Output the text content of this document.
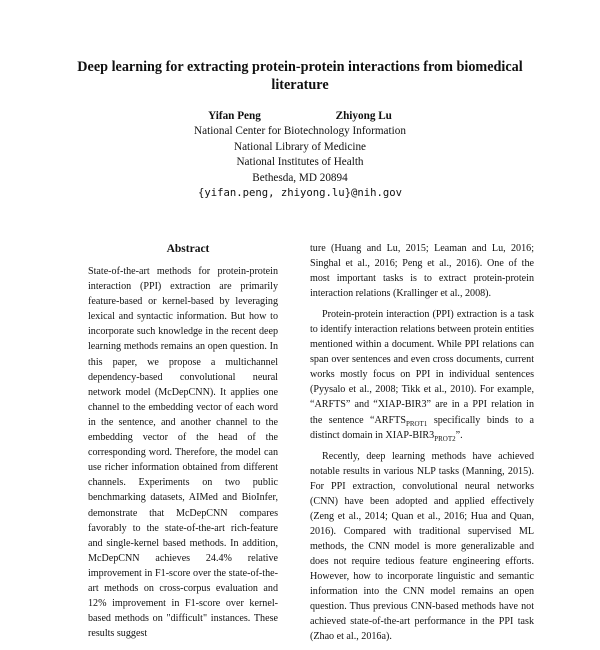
Deep learning for extracting protein-protein interactions from biomedical literature
Yifan Peng	Zhiyong Lu
National Center for Biotechnology Information
National Library of Medicine
National Institutes of Health
Bethesda, MD 20894
{yifan.peng, zhiyong.lu}@nih.gov
Abstract

State-of-the-art methods for protein-protein interaction (PPI) extraction are primarily feature-based or kernel-based by leveraging lexical and syntactic information. But how to incorporate such knowledge in the recent deep learning methods remains an open question. In this paper, we propose a multichannel dependency-based convolutional neural network model (McDepCNN). It applies one channel to the embedding vector of each word in the sentence, and another channel to the embedding vector of the head of the corresponding word. Therefore, the model can use richer information obtained from different channels. Experiments on two public benchmarking datasets, AIMed and BioInfer, demonstrate that McDepCNN compares favorably to the state-of-the-art rich-feature and single-kernel based methods. In addition, McDepCNN achieves 24.4% relative improvement in F1-score over the state-of-the-art methods on cross-corpus evaluation and 12% improvement in F1-score over kernel-based methods on "difficult" instances. These results suggest

ture (Huang and Lu, 2015; Leaman and Lu, 2016; Singhal et al., 2016; Peng et al., 2016). One of the most important tasks is to extract protein-protein interaction relations (Krallinger et al., 2008).

Protein-protein interaction (PPI) extraction is a task to identify interaction relations between protein entities mentioned within a document. While PPI relations can span over sentences and even cross documents, current works mostly focus on PPI in individual sentences (Pyysalo et al., 2008; Tikk et al., 2010). For example, “ARFTS” and “XIAP-BIR3” are in a PPI relation in the sentence “$ARFTS_{PROT1}$ specifically binds to a distinct domain in XIAP-$BIR3_{PROT2}$”.

Recently, deep learning methods have achieved notable results in various NLP tasks (Manning, 2015). For PPI extraction, convolutional neural networks (CNN) have been adopted and applied effectively (Zeng et al., 2014; Quan et al., 2016; Hua and Quan, 2016). Compared with traditional supervised ML methods, the CNN model is more generalizable and does not require tedious feature engineering efforts. However, how to incorporate linguistic and semantic information into the CNN model remains an open question. Thus previous CNN-based methods have not achieved state-of-the-art performance in the PPI task (Zhao et al., 2016a).
